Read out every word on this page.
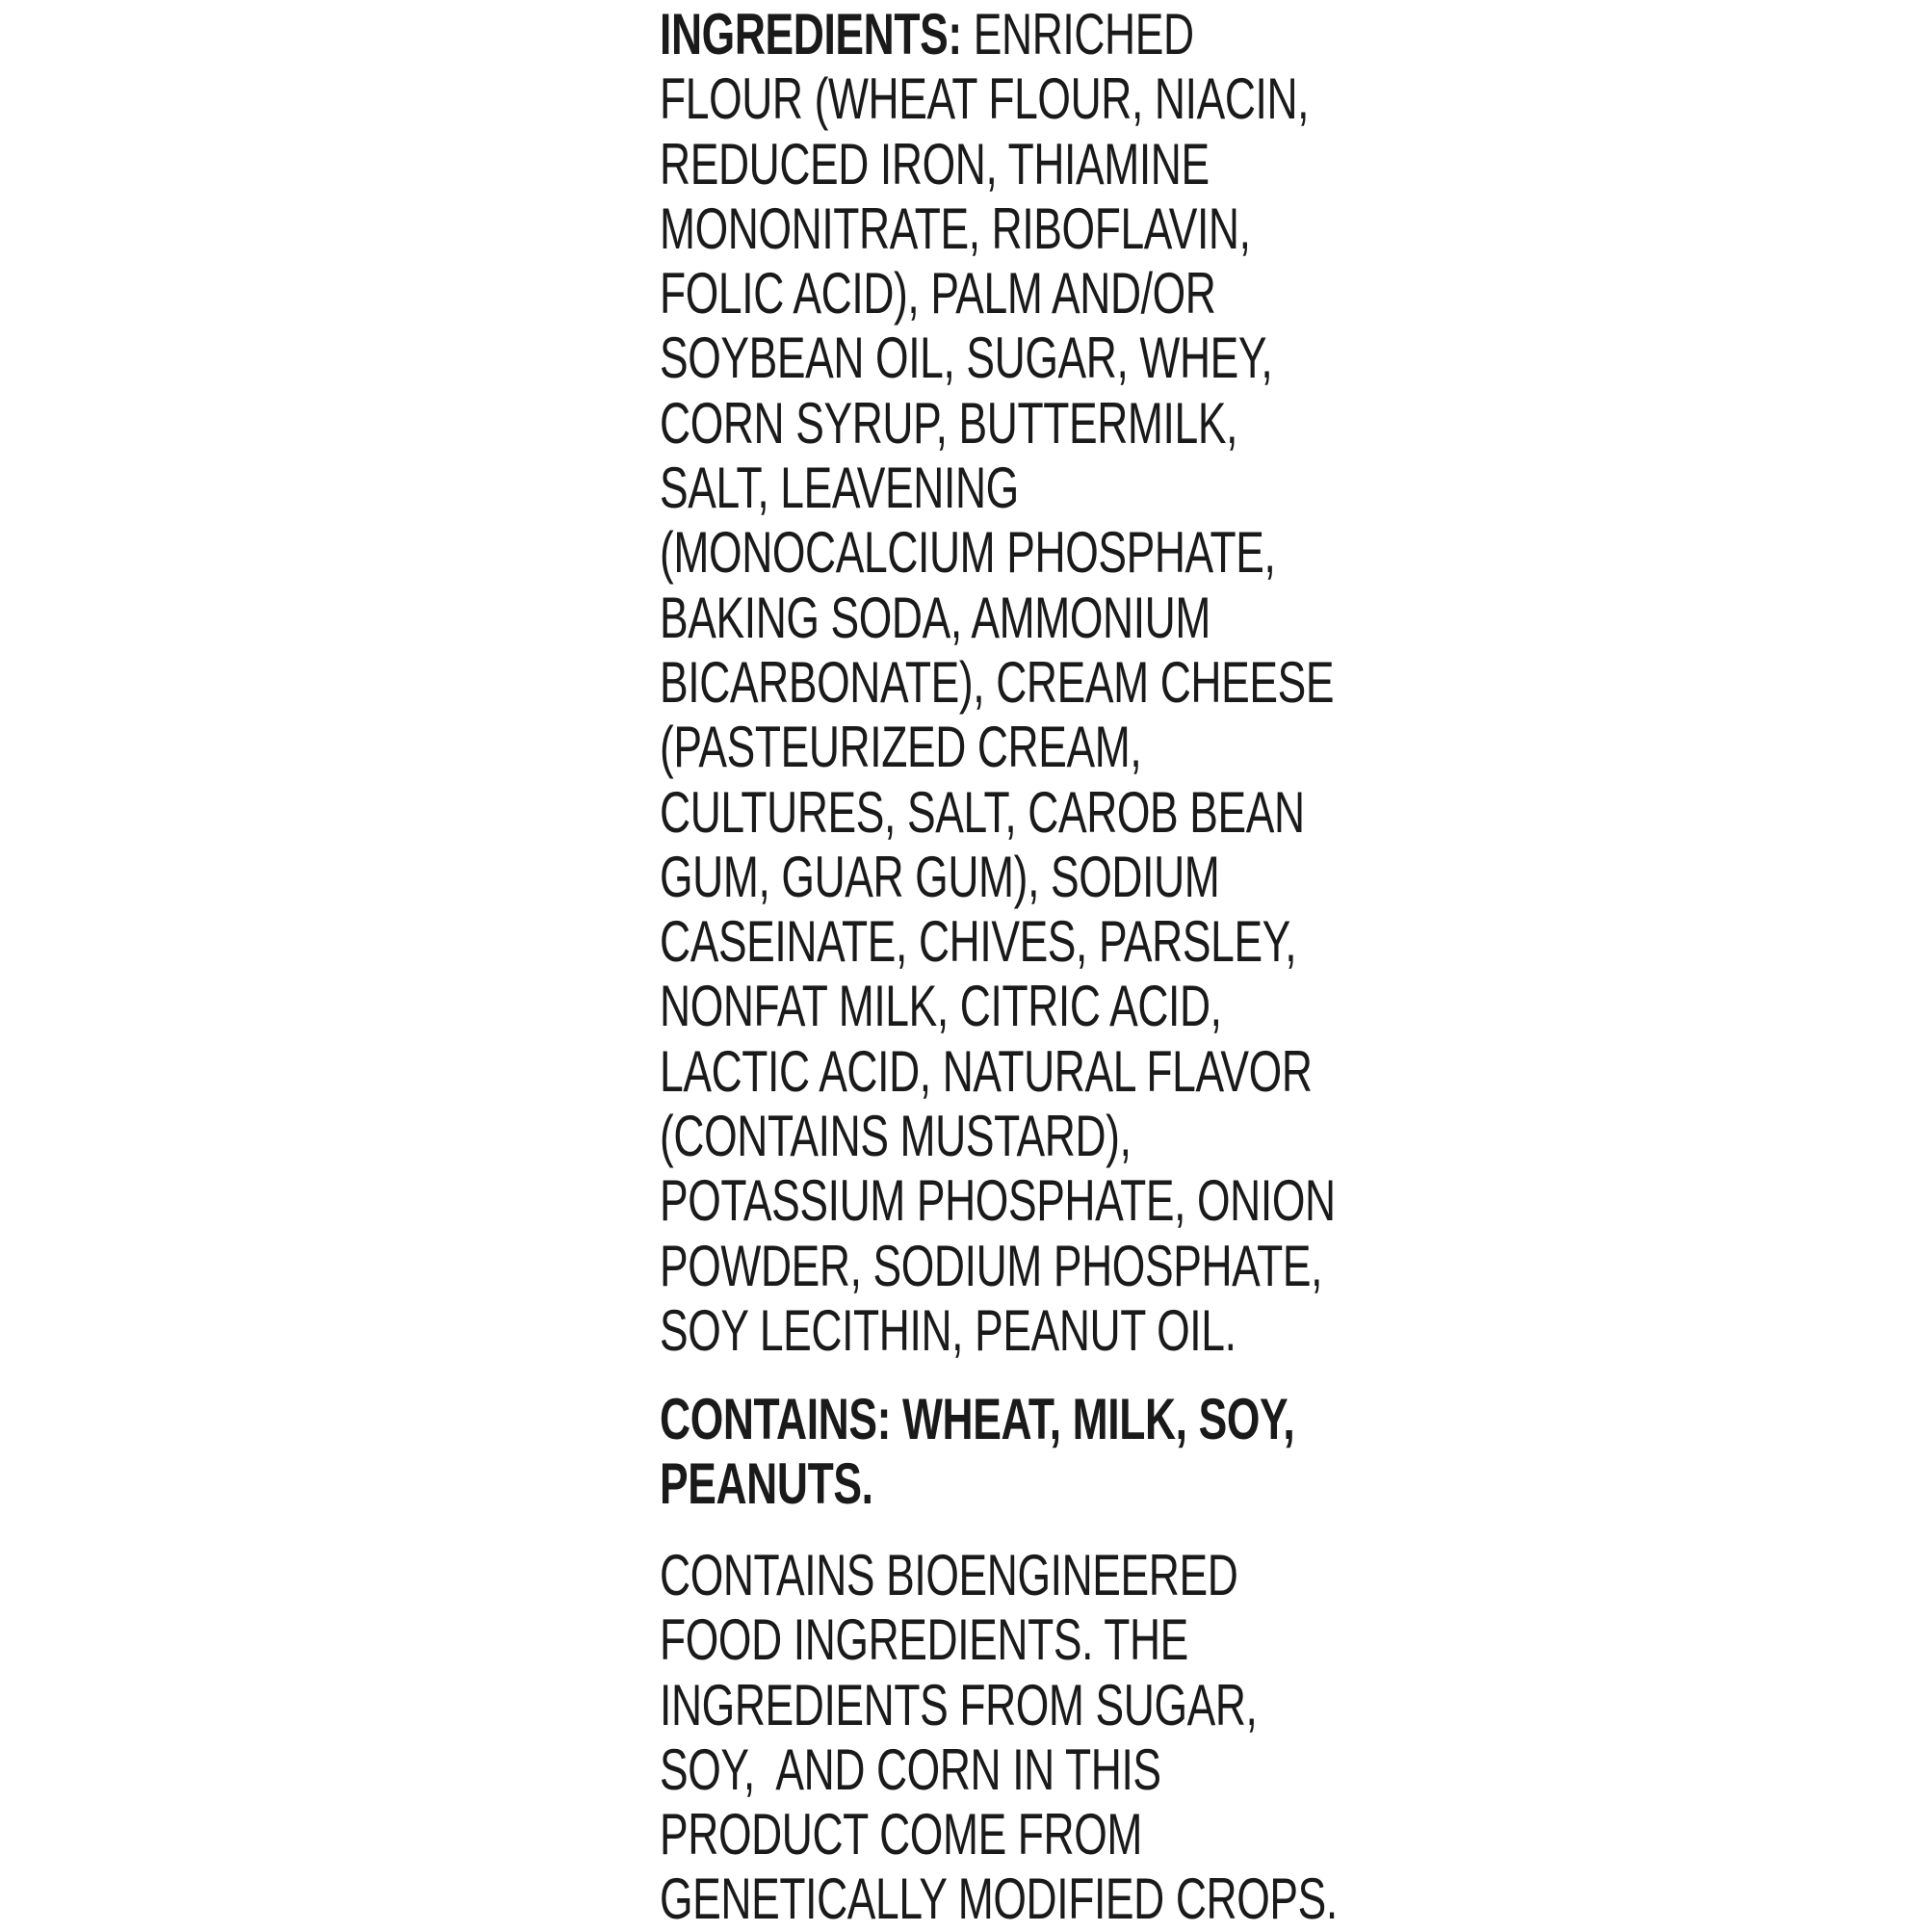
INGREDIENTS: ENRICHED
FLOUR (WHEAT FLOUR, NIACIN,
REDUCED IRON, THIAMINE
MONONITRATE, RIBOFLAVIN,
FOLIC ACID), PALM AND/OR
SOYBEAN OIL, SUGAR, WHEY,
CORN SYRUP, BUTTERMILK,
SALT, LEAVENING
(MONOCALCIUM PHOSPHATE,
BAKING SODA, AMMONIUM
BICARBONATE), CREAM CHEESE
(PASTEURIZED CREAM,
CULTURES, SALT, CAROB BEAN
GUM, GUAR GUM), SODIUM
CASEINATE, CHIVES, PARSLEY,
NONFAT MILK, CITRIC ACID,
LACTIC ACID, NATURAL FLAVOR
(CONTAINS MUSTARD),
POTASSIUM PHOSPHATE, ONION
POWDER, SODIUM PHOSPHATE,
SOY LECITHIN, PEANUT OIL.
CONTAINS: WHEAT, MILK, SOY,
PEANUTS.
CONTAINS BIOENGINEERED
FOOD INGREDIENTS. THE
INGREDIENTS FROM SUGAR,
SOY,  AND CORN IN THIS
PRODUCT COME FROM
GENETICALLY MODIFIED CROPS.
